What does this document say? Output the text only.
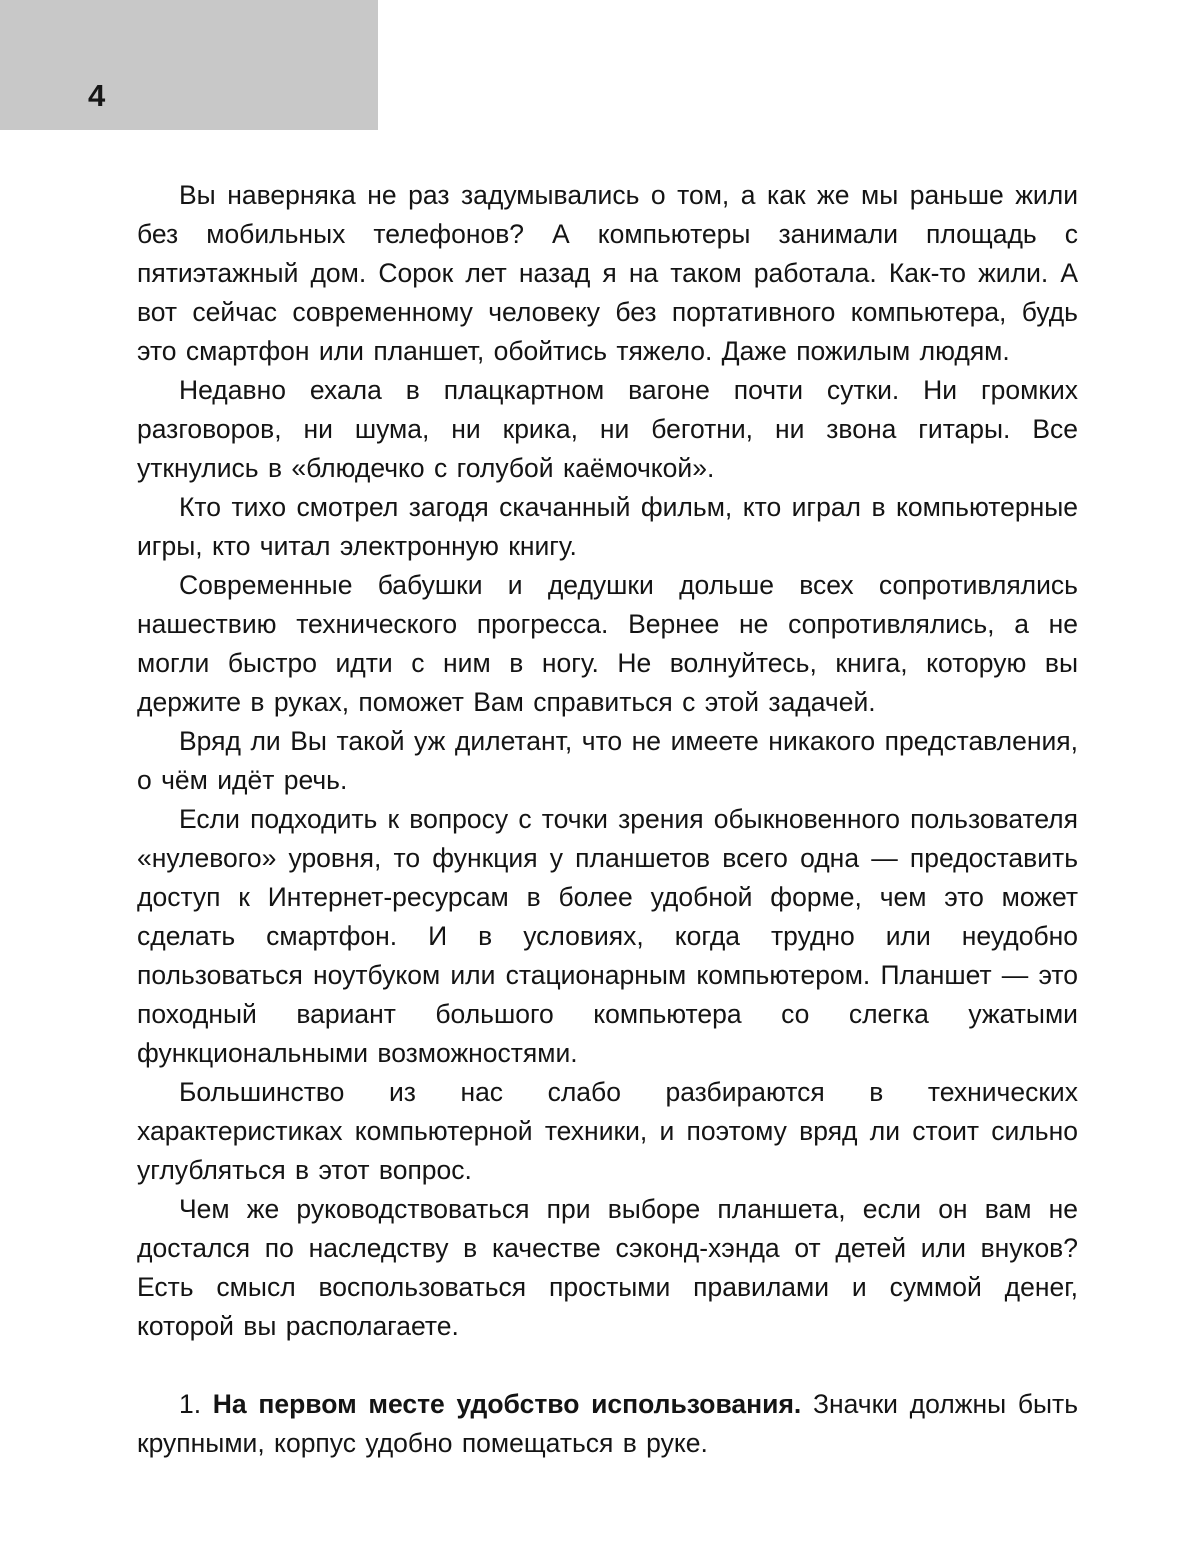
4

Вы наверняка не раз задумывались о том, а как же мы раньше жили без мобильных телефонов? А компьютеры занимали площадь с пятиэтажный дом. Сорок лет назад я на таком работала. Как-то жили. А вот сейчас современному человеку без портативного компьютера, будь это смартфон или планшет, обойтись тяжело. Даже пожилым людям.

Недавно ехала в плацкартном вагоне почти сутки. Ни громких разговоров, ни шума, ни крика, ни беготни, ни звона гитары. Все уткнулись в «блюдечко с голубой каёмочкой».

Кто тихо смотрел загодя скачанный фильм, кто играл в компьютерные игры, кто читал электронную книгу.

Современные бабушки и дедушки дольше всех сопротивлялись нашествию технического прогресса. Вернее не сопротивлялись, а не могли быстро идти с ним в ногу. Не волнуйтесь, книга, которую вы держите в руках, поможет Вам справиться с этой задачей.

Вряд ли Вы такой уж дилетант, что не имеете никакого представления, о чём идёт речь.

Если подходить к вопросу с точки зрения обыкновенного пользователя «нулевого» уровня, то функция у планшетов всего одна — предоставить доступ к Интернет-ресурсам в более удобной форме, чем это может сделать смартфон. И в условиях, когда трудно или неудобно пользоваться ноутбуком или стационарным компьютером. Планшет — это походный вариант большого компьютера со слегка ужатыми функциональными возможностями.

Большинство из нас слабо разбираются в технических характеристиках компьютерной техники, и поэтому вряд ли стоит сильно углубляться в этот вопрос.

Чем же руководствоваться при выборе планшета, если он вам не достался по наследству в качестве сэконд-хэнда от детей или внуков? Есть смысл воспользоваться простыми правилами и суммой денег, которой вы располагаете.

1. На первом месте удобство использования. Значки должны быть крупными, корпус удобно помещаться в руке.
